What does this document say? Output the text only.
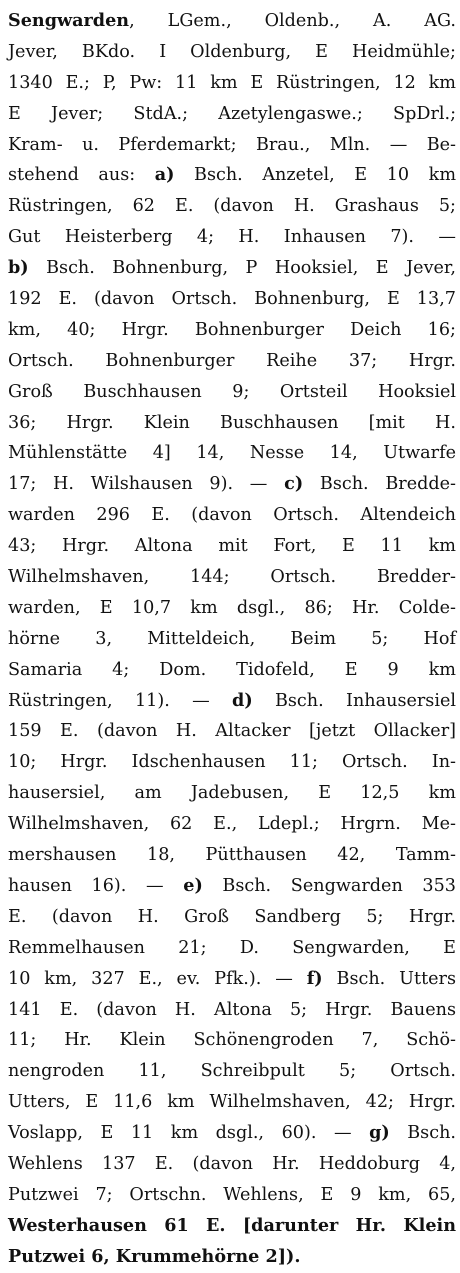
Sengwarden, LGem., Oldenb., A. AG.
Jever, BKdo. I Oldenburg, E Heidmühle;
1340 E.; P, Pw: 11 km E Rüstringen, 12 km
E Jever; StdA.; Azetylengaswe.; SpDrl.;
Kram- u. Pferdemarkt; Brau., Mln. — Be-
stehend aus: a) Bsch. Anzetel, E 10 km
Rüstringen, 62 E. (davon H. Grashaus 5;
Gut Heisterberg 4; H. Inhausen 7). —
b) Bsch. Bohnenburg, P Hooksiel, E Jever,
192 E. (davon Ortsch. Bohnenburg, E 13,7
km, 40; Hrgr. Bohnenburger Deich 16;
Ortsch. Bohnenburger Reihe 37; Hrgr.
Groß Buschhausen 9; Ortsteil Hooksiel
36; Hrgr. Klein Buschhausen [mit H.
Mühlenstätte 4] 14, Nesse 14, Utwarfe
17; H. Wilshausen 9). — c) Bsch. Bredde-
warden 296 E. (davon Ortsch. Altendeich
43; Hrgr. Altona mit Fort, E 11 km
Wilhelmshaven, 144; Ortsch. Bredder-
warden, E 10,7 km dsgl., 86; Hr. Colde-
hörne 3, Mitteldeich, Beim 5; Hof
Samaria 4; Dom. Tidofeld, E 9 km
Rüstringen, 11). — d) Bsch. Inhausersiel
159 E. (davon H. Altacker [jetzt Ollacker]
10; Hrgr. Idschenhausen 11; Ortsch. In-
hausersiel, am Jadebusen, E 12,5 km
Wilhelmshaven, 62 E., Ldepl.; Hrgrn. Me-
mershausen 18, Pütthausen 42, Tamm-
hausen 16). — e) Bsch. Sengwarden 353
E. (davon H. Groß Sandberg 5; Hrgr.
Remmelhausen 21; D. Sengwarden, E
10 km, 327 E., ev. Pfk.). — f) Bsch. Utters
141 E. (davon H. Altona 5; Hrgr. Bauens
11; Hr. Klein Schönengroden 7, Schö-
nengroden 11, Schreibpult 5; Ortsch.
Utters, E 11,6 km Wilhelmshaven, 42; Hrgr.
Voslapp, E 11 km dsgl., 60). — g) Bsch.
Wehlens 137 E. (davon Hr. Heddoburg 4,
Putzwei 7; Ortschn. Wehlens, E 9 km, 65,
Westerhausen 61 E. [darunter Hr. Klein
Putzwei 6, Krummehörne 2]).
